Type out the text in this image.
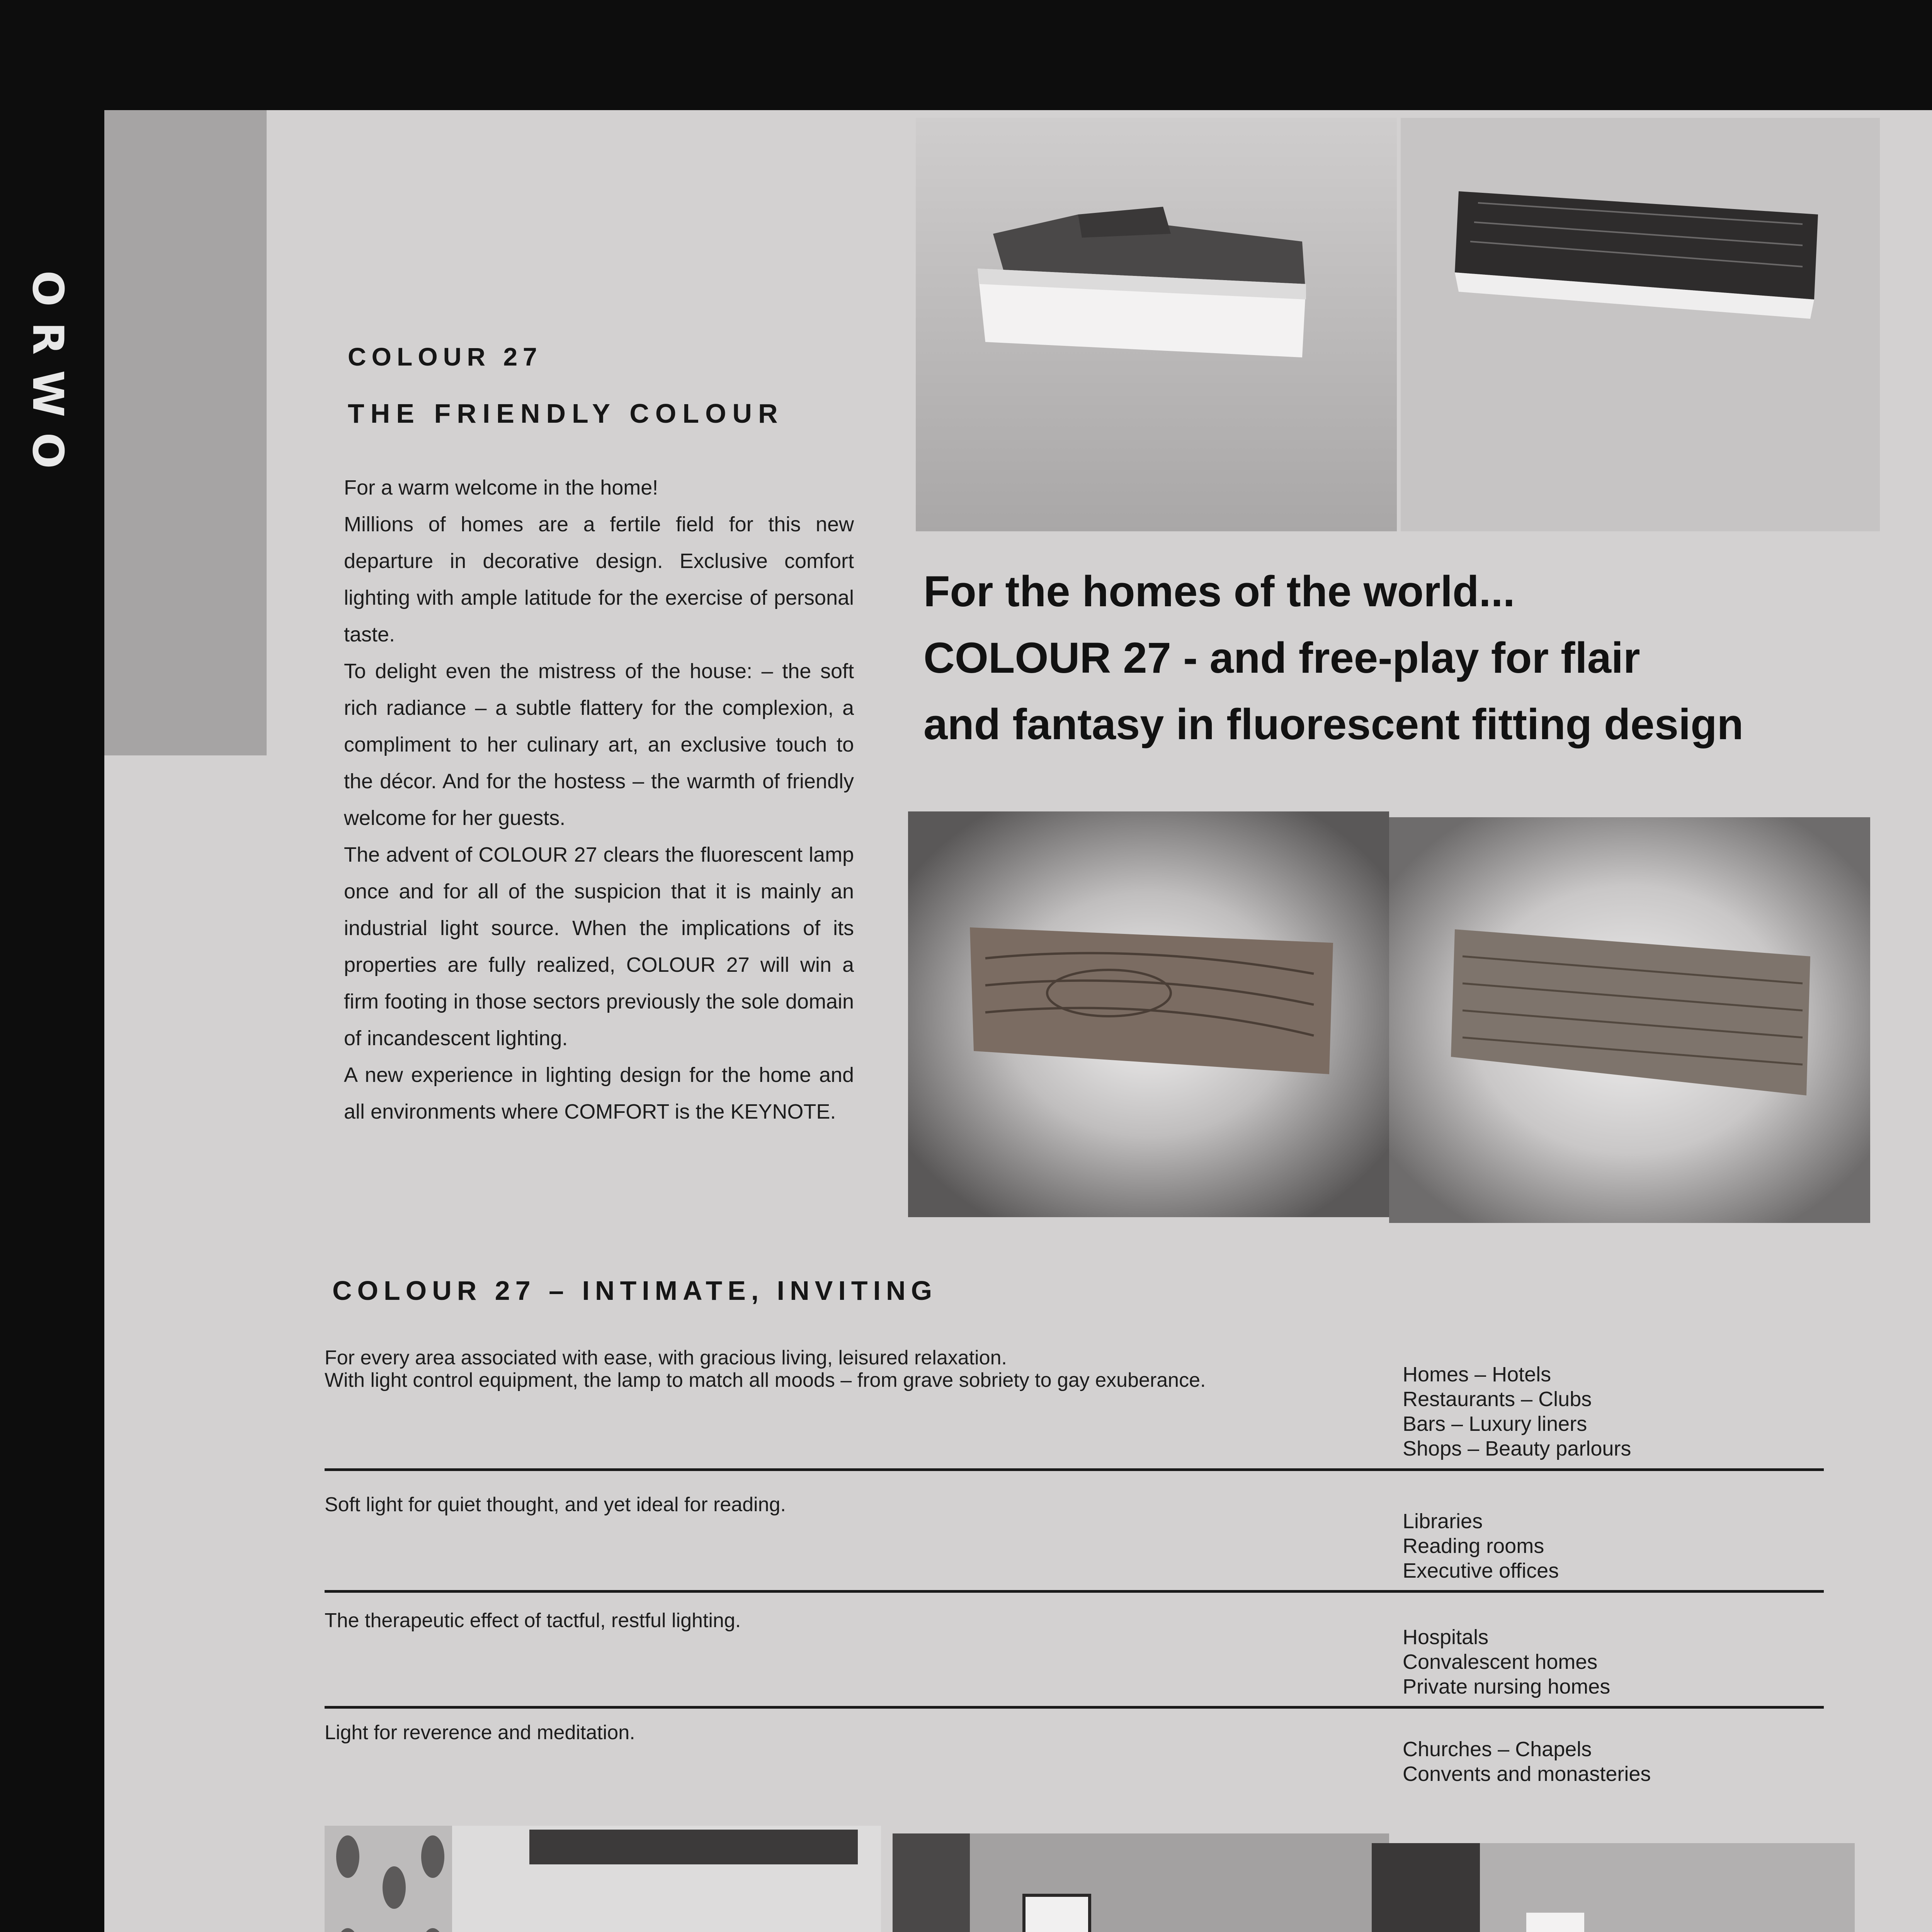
ORWO	COLOUR 27
THE FRIENDLY COLOUR

For a warm welcome in the home!

Millions of homes are a fertile field for this new departure in decorative design. Exclusive comfort lighting with ample latitude for the exercise of personal taste.

To delight even the mistress of the house: – the soft rich radiance – a subtle flattery for the complexion, a compliment to her culinary art, an exclusive touch to the décor. And for the hostess – the warmth of friendly welcome for her guests.

The advent of COLOUR 27 clears the fluorescent lamp once and for all of the suspicion that it is mainly an industrial light source. When the implications of its properties are fully realized, COLOUR 27 will win a firm footing in those sectors previously the sole domain of incandescent lighting.

A new experience in lighting design for the home and all environments where COMFORT is the KEYNOTE.

For the homes of the world...
COLOUR 27 - and free-play for flair
and fantasy in fluorescent fitting design
COLOUR 27 – INTIMATE, INVITING
For every area associated with ease, with gracious living, leisured relaxation.
With light control equipment, the lamp to match all moods – from grave sobriety to gay exuberance.	Homes – Hotels
Restaurants – Clubs
Bars – Luxury liners
Shops – Beauty parlours
Soft light for quiet thought, and yet ideal for reading.
Libraries
Reading rooms
Executive offices
The therapeutic effect of tactful, restful lighting.
Hospitals
Convalescent homes
Private nursing homes
Light for reverence and meditation.
Churches – Chapels
Convents and monasteries
